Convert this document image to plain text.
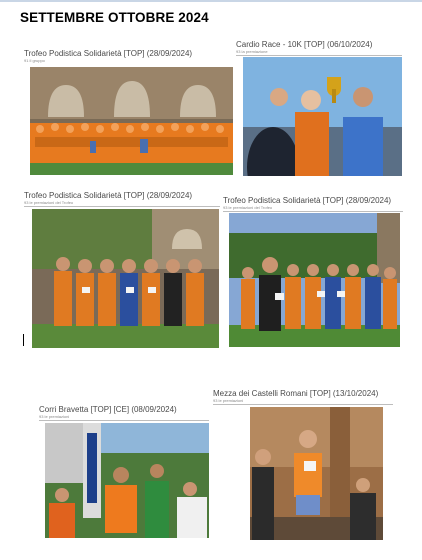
SETTEMBRE OTTOBRE 2024
Trofeo Podistica Solidarietà [TOP] (28/09/2024)
91 il gruppo
Cardio Race - 10K [TOP] (06/10/2024)
93 la premiazione
Trofeo Podistica Solidarietà [TOP] (28/09/2024)
93 le premiazioni del Trofeo	Trofeo Podistica Solidarietà [TOP] (28/09/2024)
93 le premiazioni del Trofeo
Corri Bravetta [TOP] [CE] (08/09/2024)
93 le premiazioni
Mezza dei Castelli Romani [TOP] (13/10/2024)
93 le premiazioni
